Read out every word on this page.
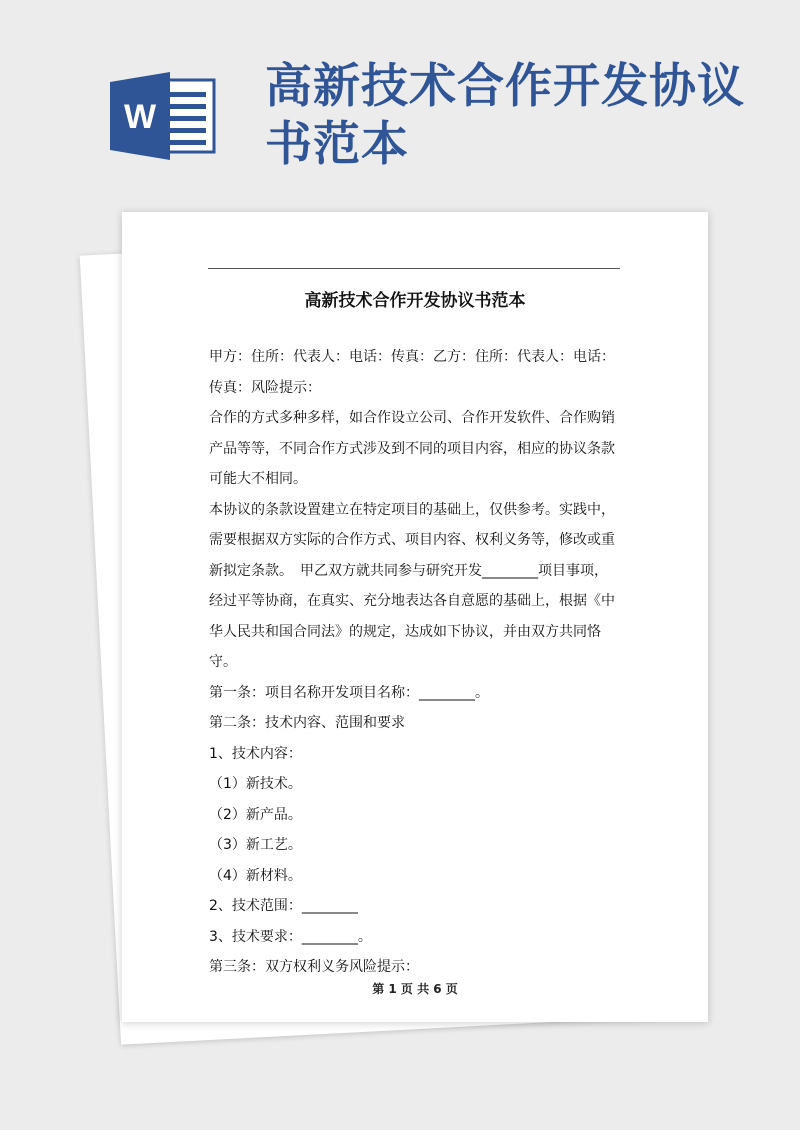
W
高新技术合作开发协议书范本
高新技术合作开发协议书范本

甲方：住所：代表人：电话：传真：乙方：住所：代表人：电话：传真：风险提示：

合作的方式多种多样，如合作设立公司、合作开发软件、合作购销产品等等，不同合作方式涉及到不同的项目内容，相应的协议条款可能大不相同。

本协议的条款设置建立在特定项目的基础上，仅供参考。实践中，需要根据双方实际的合作方式、项目内容、权利义务等，修改或重新拟定条款。　甲乙双方就共同参与研究开发________项目事项，经过平等协商，在真实、充分地表达各自意愿的基础上，根据《中华人民共和国合同法》的规定，达成如下协议，并由双方共同恪守。

第一条：项目名称开发项目名称：________。

第二条：技术内容、范围和要求

1、技术内容：

（1）新技术。

（2）新产品。

（3）新工艺。

（4）新材料。

2、技术范围：________

3、技术要求：________。

第三条：双方权利义务风险提示：

第 1 页 共 6 页
